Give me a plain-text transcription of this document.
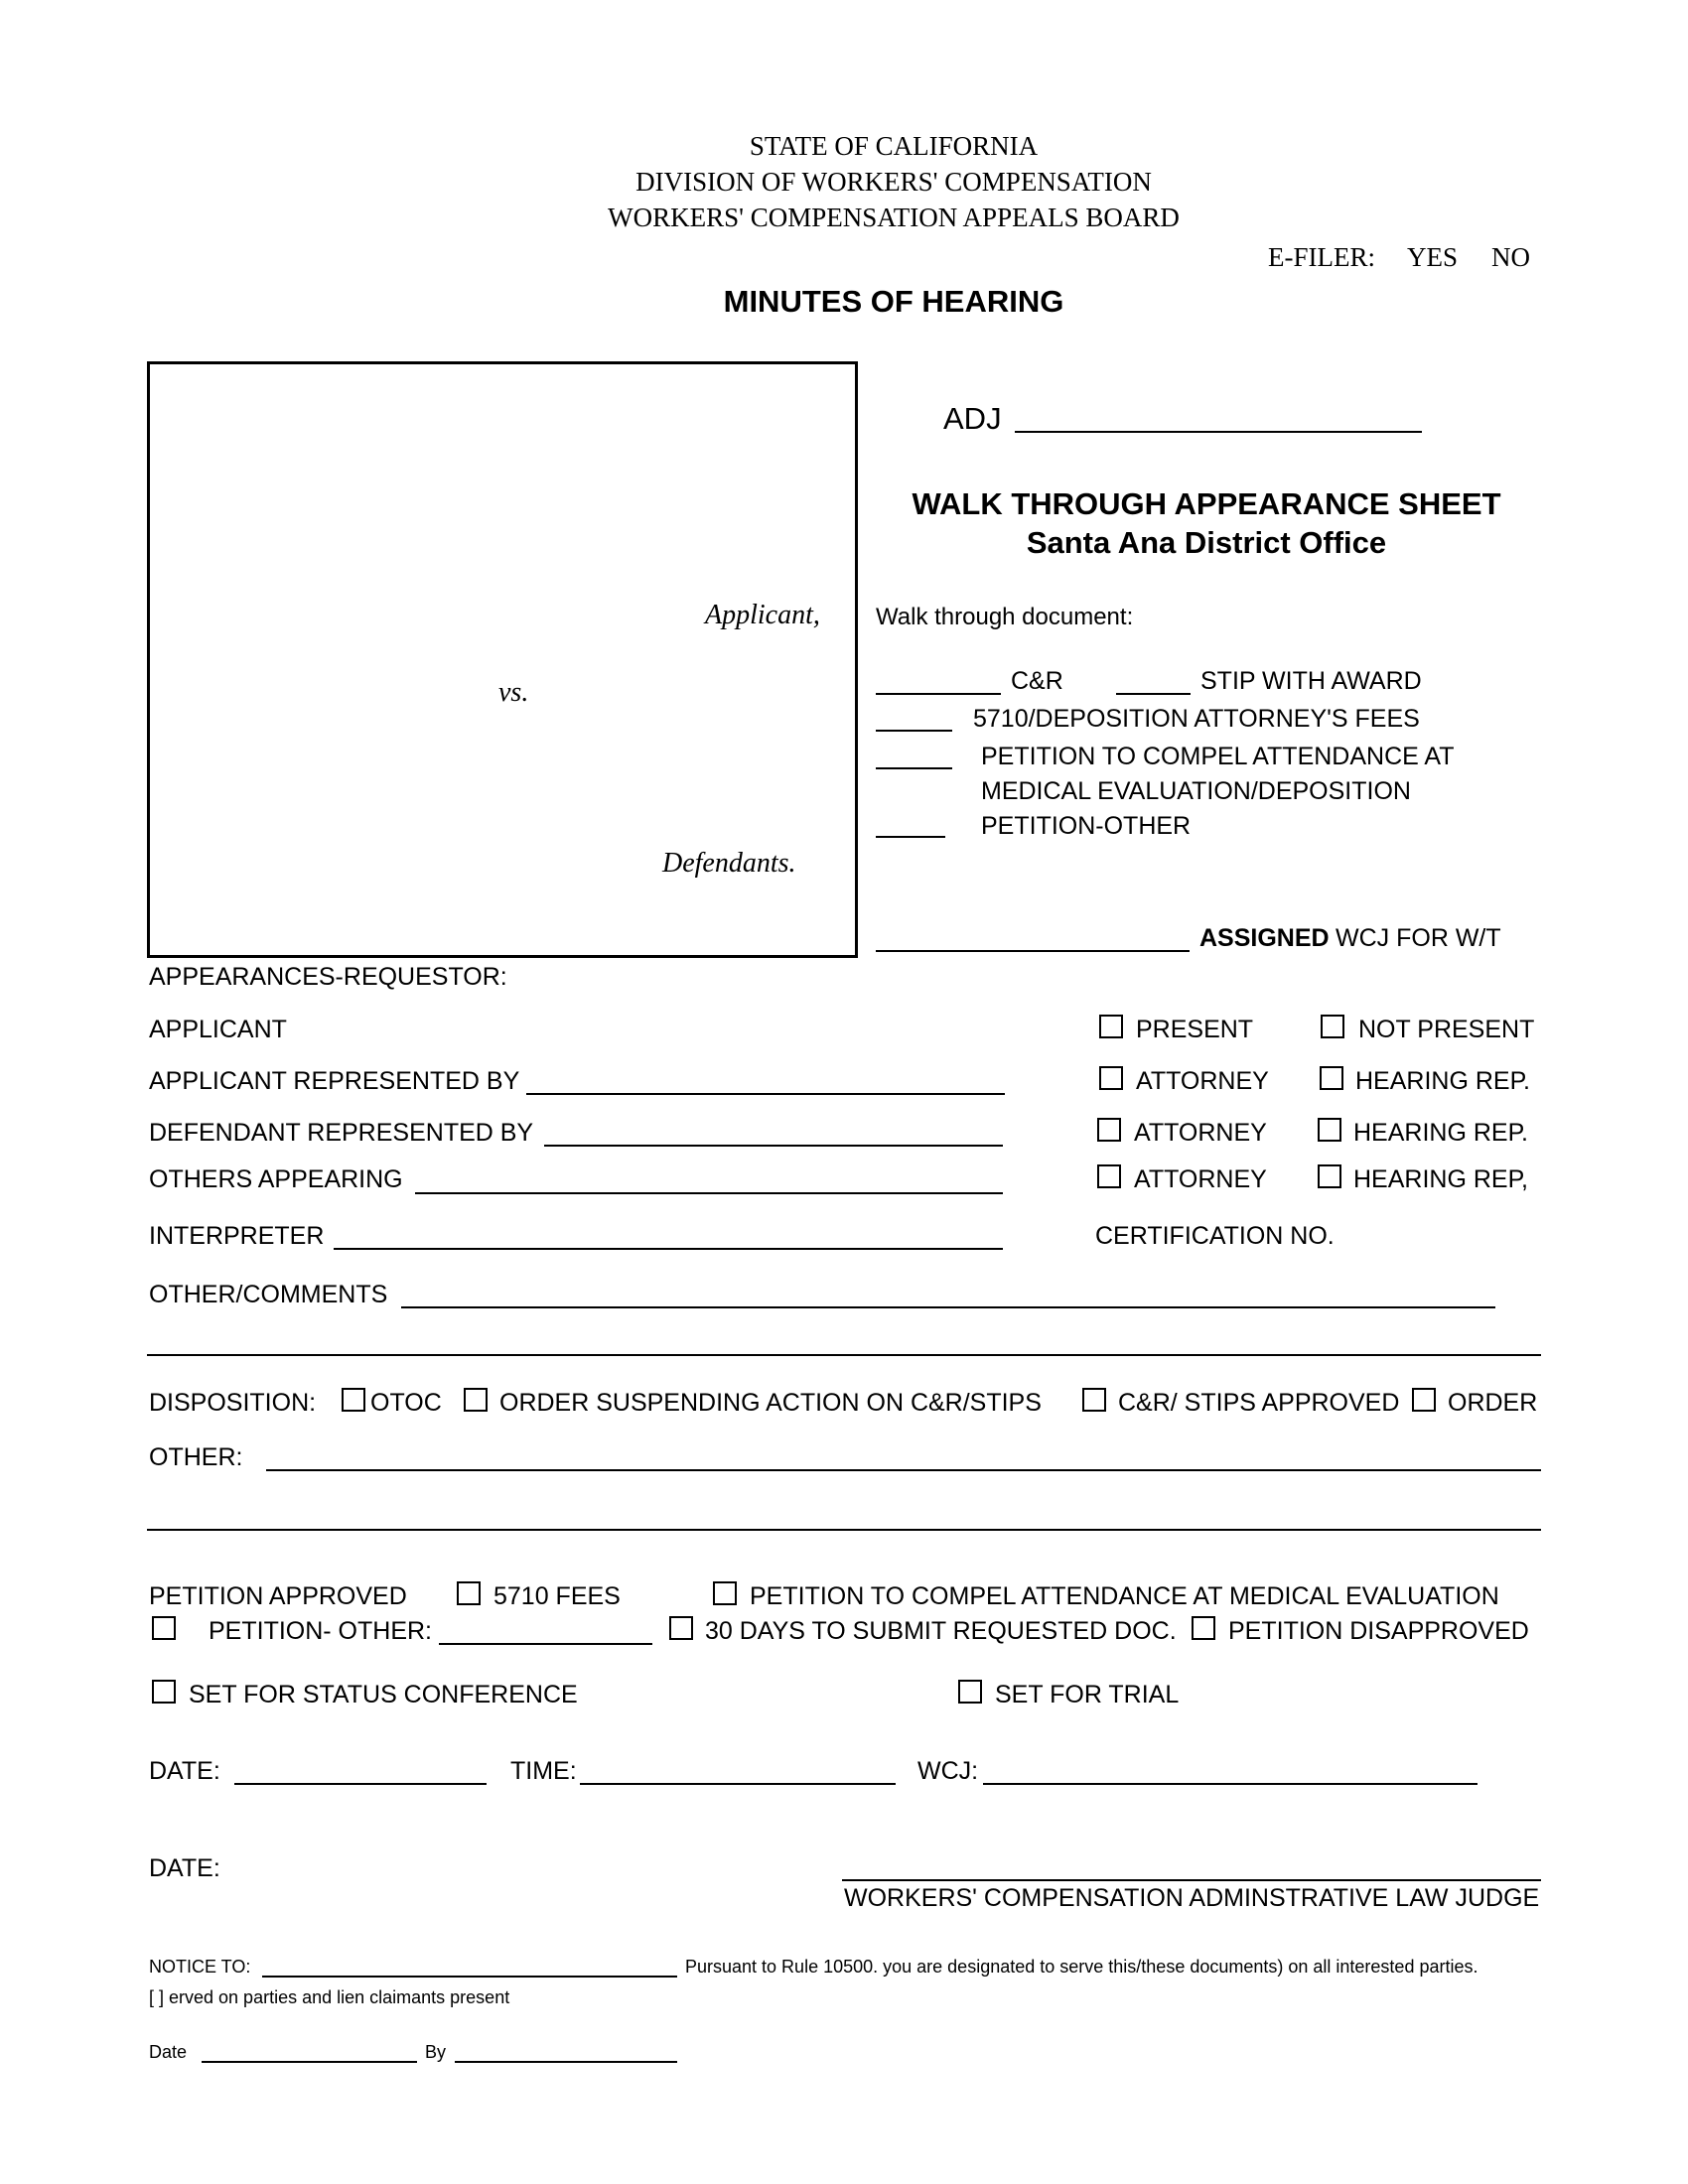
STATE OF CALIFORNIA
DIVISION OF WORKERS' COMPENSATION
WORKERS' COMPENSATION APPEALS BOARD
E-FILER: YES NO
MINUTES OF HEARING
Applicant,
vs.
Defendants.
ADJ
WALK THROUGH APPEARANCE SHEET
Santa Ana District Office
Walk through document:
C&R	STIP WITH AWARD
5710/DEPOSITION ATTORNEY'S FEES
PETITION TO COMPEL ATTENDANCE AT
MEDICAL EVALUATION/DEPOSITION
PETITION-OTHER
ASSIGNED WCJ FOR W/T
APPEARANCES-REQUESTOR:
APPLICANT	PRESENT	NOT PRESENT
APPLICANT REPRESENTED BY	ATTORNEY	HEARING REP.
DEFENDANT REPRESENTED BY	ATTORNEY	HEARING REP.
OTHERS APPEARING	ATTORNEY	HEARING REP,
INTERPRETER	CERTIFICATION NO.
OTHER/COMMENTS
DISPOSITION: OTOC ORDER SUSPENDING ACTION ON C&R/STIPS	C&R/ STIPS APPROVED ORDER
OTHER:
PETITION APPROVED	5710 FEES	PETITION TO COMPEL ATTENDANCE AT MEDICAL EVALUATION
PETITION- OTHER:	30 DAYS TO SUBMIT REQUESTED DOC. PETITION DISAPPROVED
SET FOR STATUS CONFERENCE	SET FOR TRIAL
DATE:	TIME:	WCJ:
DATE:
WORKERS' COMPENSATION ADMINSTRATIVE LAW JUDGE
NOTICE TO:	Pursuant to Rule 10500. you are designated to serve this/these documents) on all interested parties.
[ ] erved on parties and lien claimants present
Date	By
